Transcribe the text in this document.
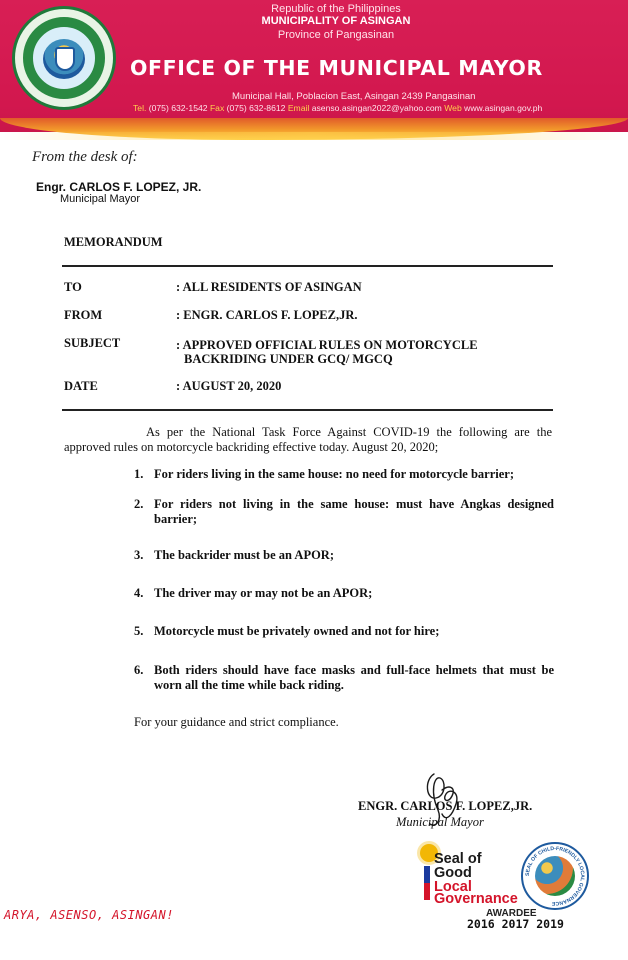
Republic of the Philippines
MUNICIPALITY OF ASINGAN
Province of Pangasinan
OFFICE OF THE MUNICIPAL MAYOR
Municipal Hall, Poblacion East, Asingan 2439 Pangasinan
Tel. (075) 632-1542 Fax (075) 632-8612 Email asenso.asingan2022@yahoo.com Web www.asingan.gov.ph
From the desk of:
Engr. CARLOS F. LOPEZ, JR.
Municipal Mayor
MEMORANDUM
TO	: ALL RESIDENTS OF ASINGAN
FROM	: ENGR. CARLOS F. LOPEZ,JR.
SUBJECT	: APPROVED OFFICIAL RULES ON MOTORCYCLE
BACKRIDING UNDER GCQ/ MGCQ
DATE	: AUGUST 20, 2020
As per the National Task Force Against COVID-19 the following are the approved rules on motorcycle backriding effective today. August 20, 2020;
1. For riders living in the same house: no need for motorcycle barrier;
2. For riders not living in the same house: must have Angkas designed barrier;
3. The backrider must be an APOR;
4. The driver may or may not be an APOR;
5. Motorcycle must be privately owned and not for hire;
6. Both riders should have face masks and full-face helmets that must be worn all the time while back riding.
For your guidance and strict compliance.
ENGR. CARLOS F. LOPEZ,JR.
Municipal Mayor
ARYA, ASENSO, ASINGAN!
Seal of
Good
Local
Governance
SEAL OF CHILD-FRIENDLY LOCAL GOVERNANCE
AWARDEE
2016 2017 2019
